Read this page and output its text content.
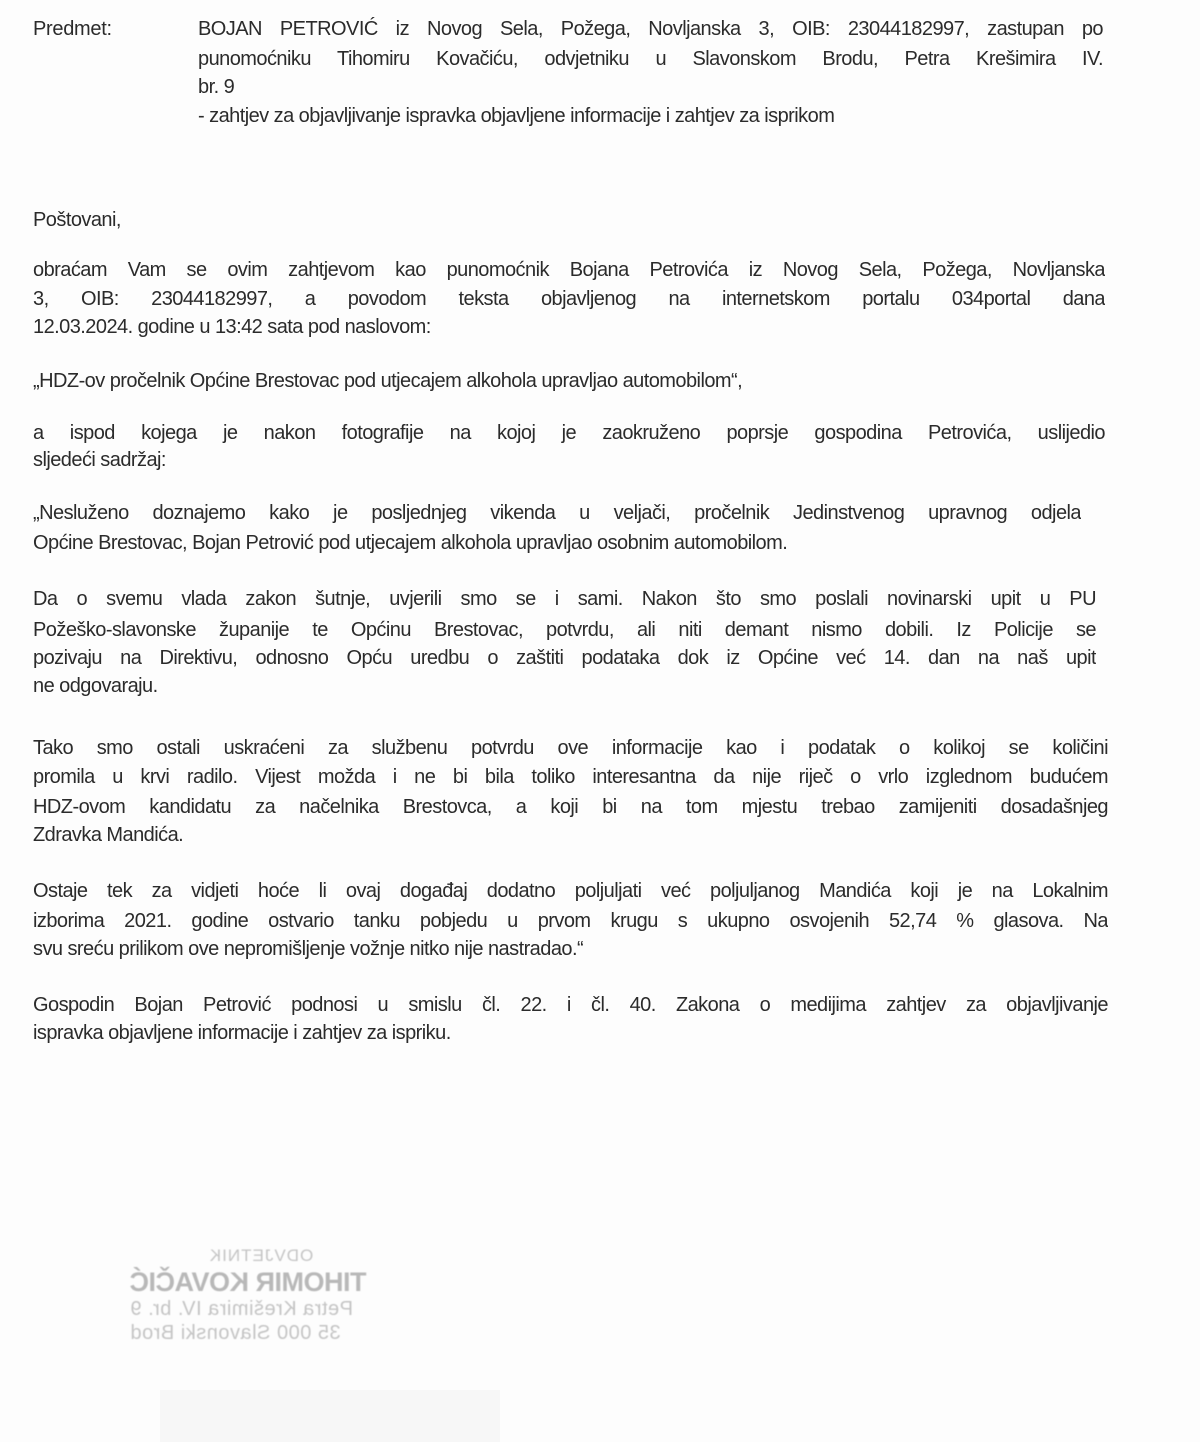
Predmet:	BOJAN PETROVIĆ iz Novog Sela, Požega, Novljanska 3, OIB: 23044182997, zastupan po
punomoćniku Tihomiru Kovačiću, odvjetniku u Slavonskom Brodu, Petra Krešimira IV.
br. 9
- zahtjev za objavljivanje ispravka objavljene informacije i zahtjev za isprikom
Poštovani,
obraćam Vam se ovim zahtjevom kao punomoćnik Bojana Petrovića iz Novog Sela, Požega, Novljanska
3, OIB: 23044182997, a povodom teksta objavljenog na internetskom portalu 034portal dana
12.03.2024. godine u 13:42 sata pod naslovom:
„HDZ-ov pročelnik Općine Brestovac pod utjecajem alkohola upravljao automobilom“,
a ispod kojega je nakon fotografije na kojoj je zaokruženo poprsje gospodina Petrovića, uslijedio
sljedeći sadržaj:
„Nesluženo doznajemo kako je posljednjeg vikenda u veljači, pročelnik Jedinstvenog upravnog odjela
Općine Brestovac, Bojan Petrović pod utjecajem alkohola upravljao osobnim automobilom.
Da o svemu vlada zakon šutnje, uvjerili smo se i sami. Nakon što smo poslali novinarski upit u PU
Požeško-slavonske županije te Općinu Brestovac, potvrdu, ali niti demant nismo dobili. Iz Policije se
pozivaju na Direktivu, odnosno Opću uredbu o zaštiti podataka dok iz Općine već 14. dan na naš upit
ne odgovaraju.
Tako smo ostali uskraćeni za službenu potvrdu ove informacije kao i podatak o kolikoj se količini
promila u krvi radilo. Vijest možda i ne bi bila toliko interesantna da nije riječ o vrlo izglednom budućem
HDZ-ovom kandidatu za načelnika Brestovca, a koji bi na tom mjestu trebao zamijeniti dosadašnjeg
Zdravka Mandića.
Ostaje tek za vidjeti hoće li ovaj događaj dodatno poljuljati već poljuljanog Mandića koji je na Lokalnim
izborima 2021. godine ostvario tanku pobjedu u prvom krugu s ukupno osvojenih 52,74 % glasova. Na
svu sreću prilikom ove nepromišljenje vožnje nitko nije nastradao.“
Gospodin Bojan Petrović podnosi u smislu čl. 22. i čl. 40. Zakona o medijima zahtjev za objavljivanje
ispravka objavljene informacije i zahtjev za ispriku.
ODVJETNIK
TIHOMIR KOVAČIĆ
Petra Krešimira IV. br. 9
35 000 Slavonski Brod
